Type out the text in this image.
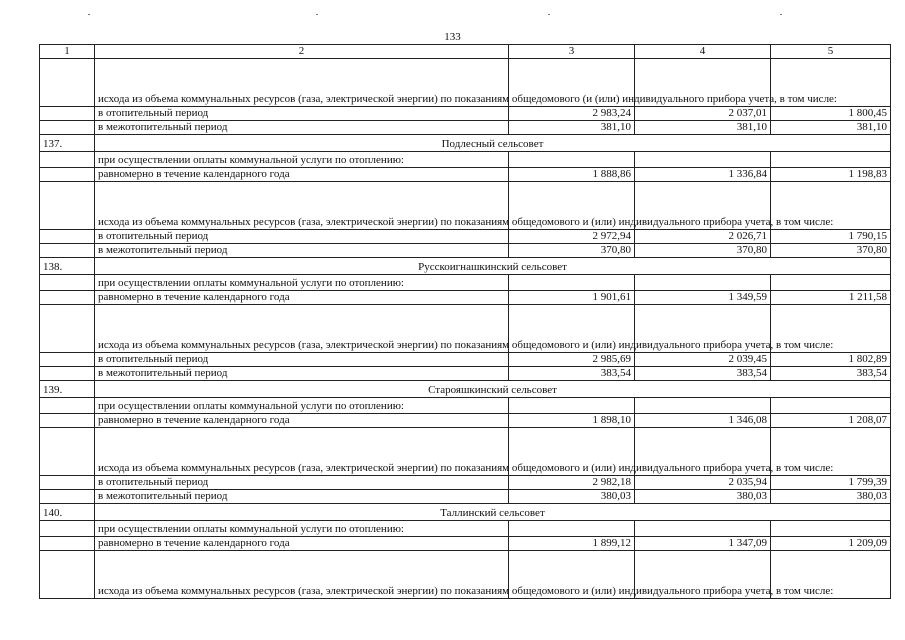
133
1	2	3	4	5
	исхода из объема коммунальных ресурсов (газа, электрической энергии) по показаниям общедомового (и (или) индивидуального прибора учета, в том числе:			
	в отопительный период	2 983,24	2 037,01	1 800,45
	в межотопительный период	381,10	381,10	381,10
137.	Подлесный сельсовет			
	при осуществлении оплаты коммунальной услуги по отоплению:			
	равномерно в течение календарного года	1 888,86	1 336,84	1 198,83
	исхода из объема коммунальных ресурсов (газа, электрической энергии) по показаниям общедомового и (или) индивидуального прибора учета, в том числе:			
	в отопительный период	2 972,94	2 026,71	1 790,15
	в межотопительный период	370,80	370,80	370,80
138.	Русскоигнашкинский сельсовет			
	при осуществлении оплаты коммунальной услуги по отоплению:			
	равномерно в течение календарного года	1 901,61	1 349,59	1 211,58
	исхода из объема коммунальных ресурсов (газа, электрической энергии) по показаниям общедомового и (или) индивидуального прибора учета, в том числе:			
	в отопительный период	2 985,69	2 039,45	1 802,89
	в межотопительный период	383,54	383,54	383,54
139.	Старояшкинский сельсовет			
	при осуществлении оплаты коммунальной услуги по отоплению:			
	равномерно в течение календарного года	1 898,10	1 346,08	1 208,07
	исхода из объема коммунальных ресурсов (газа, электрической энергии) по показаниям общедомового и (или) индивидуального прибора учета, в том числе:			
	в отопительный период	2 982,18	2 035,94	1 799,39
	в межотопительный период	380,03	380,03	380,03
140.	Таллинский сельсовет			
	при осуществлении оплаты коммунальной услуги по отоплению:			
	равномерно в течение календарного года	1 899,12	1 347,09	1 209,09
	исхода из объема коммунальных ресурсов (газа, электрической энергии) по показаниям общедомового и (или) индивидуального прибора учета, в том числе:			
